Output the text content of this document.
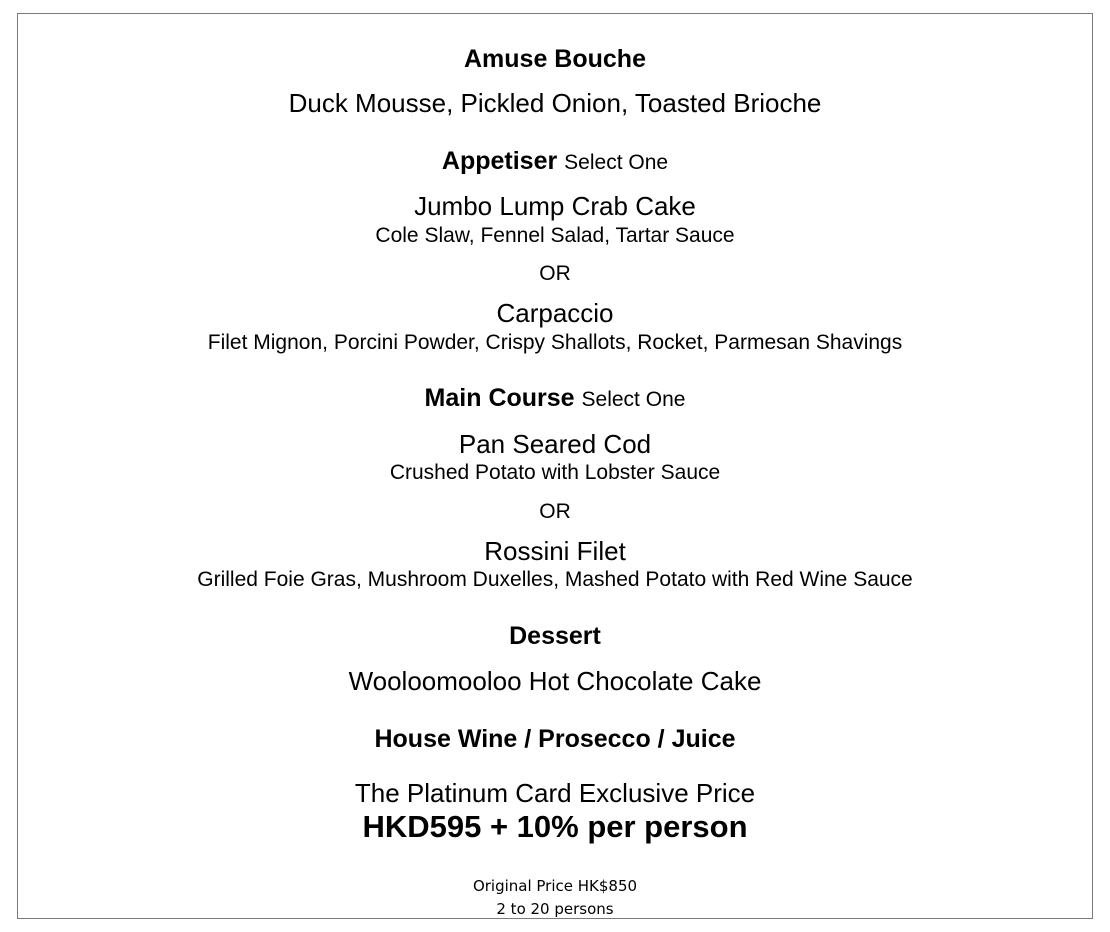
Amuse Bouche
Duck Mousse, Pickled Onion, Toasted Brioche
Appetiser Select One
Jumbo Lump Crab Cake
Cole Slaw, Fennel Salad, Tartar Sauce
OR
Carpaccio
Filet Mignon, Porcini Powder, Crispy Shallots, Rocket, Parmesan Shavings
Main Course Select One
Pan Seared Cod
Crushed Potato with Lobster Sauce
OR
Rossini Filet
Grilled Foie Gras, Mushroom Duxelles, Mashed Potato with Red Wine Sauce
Dessert
Wooloomooloo Hot Chocolate Cake
House Wine / Prosecco / Juice
The Platinum Card Exclusive Price
HKD595 + 10% per person
Original Price HK$850
2 to 20 persons
